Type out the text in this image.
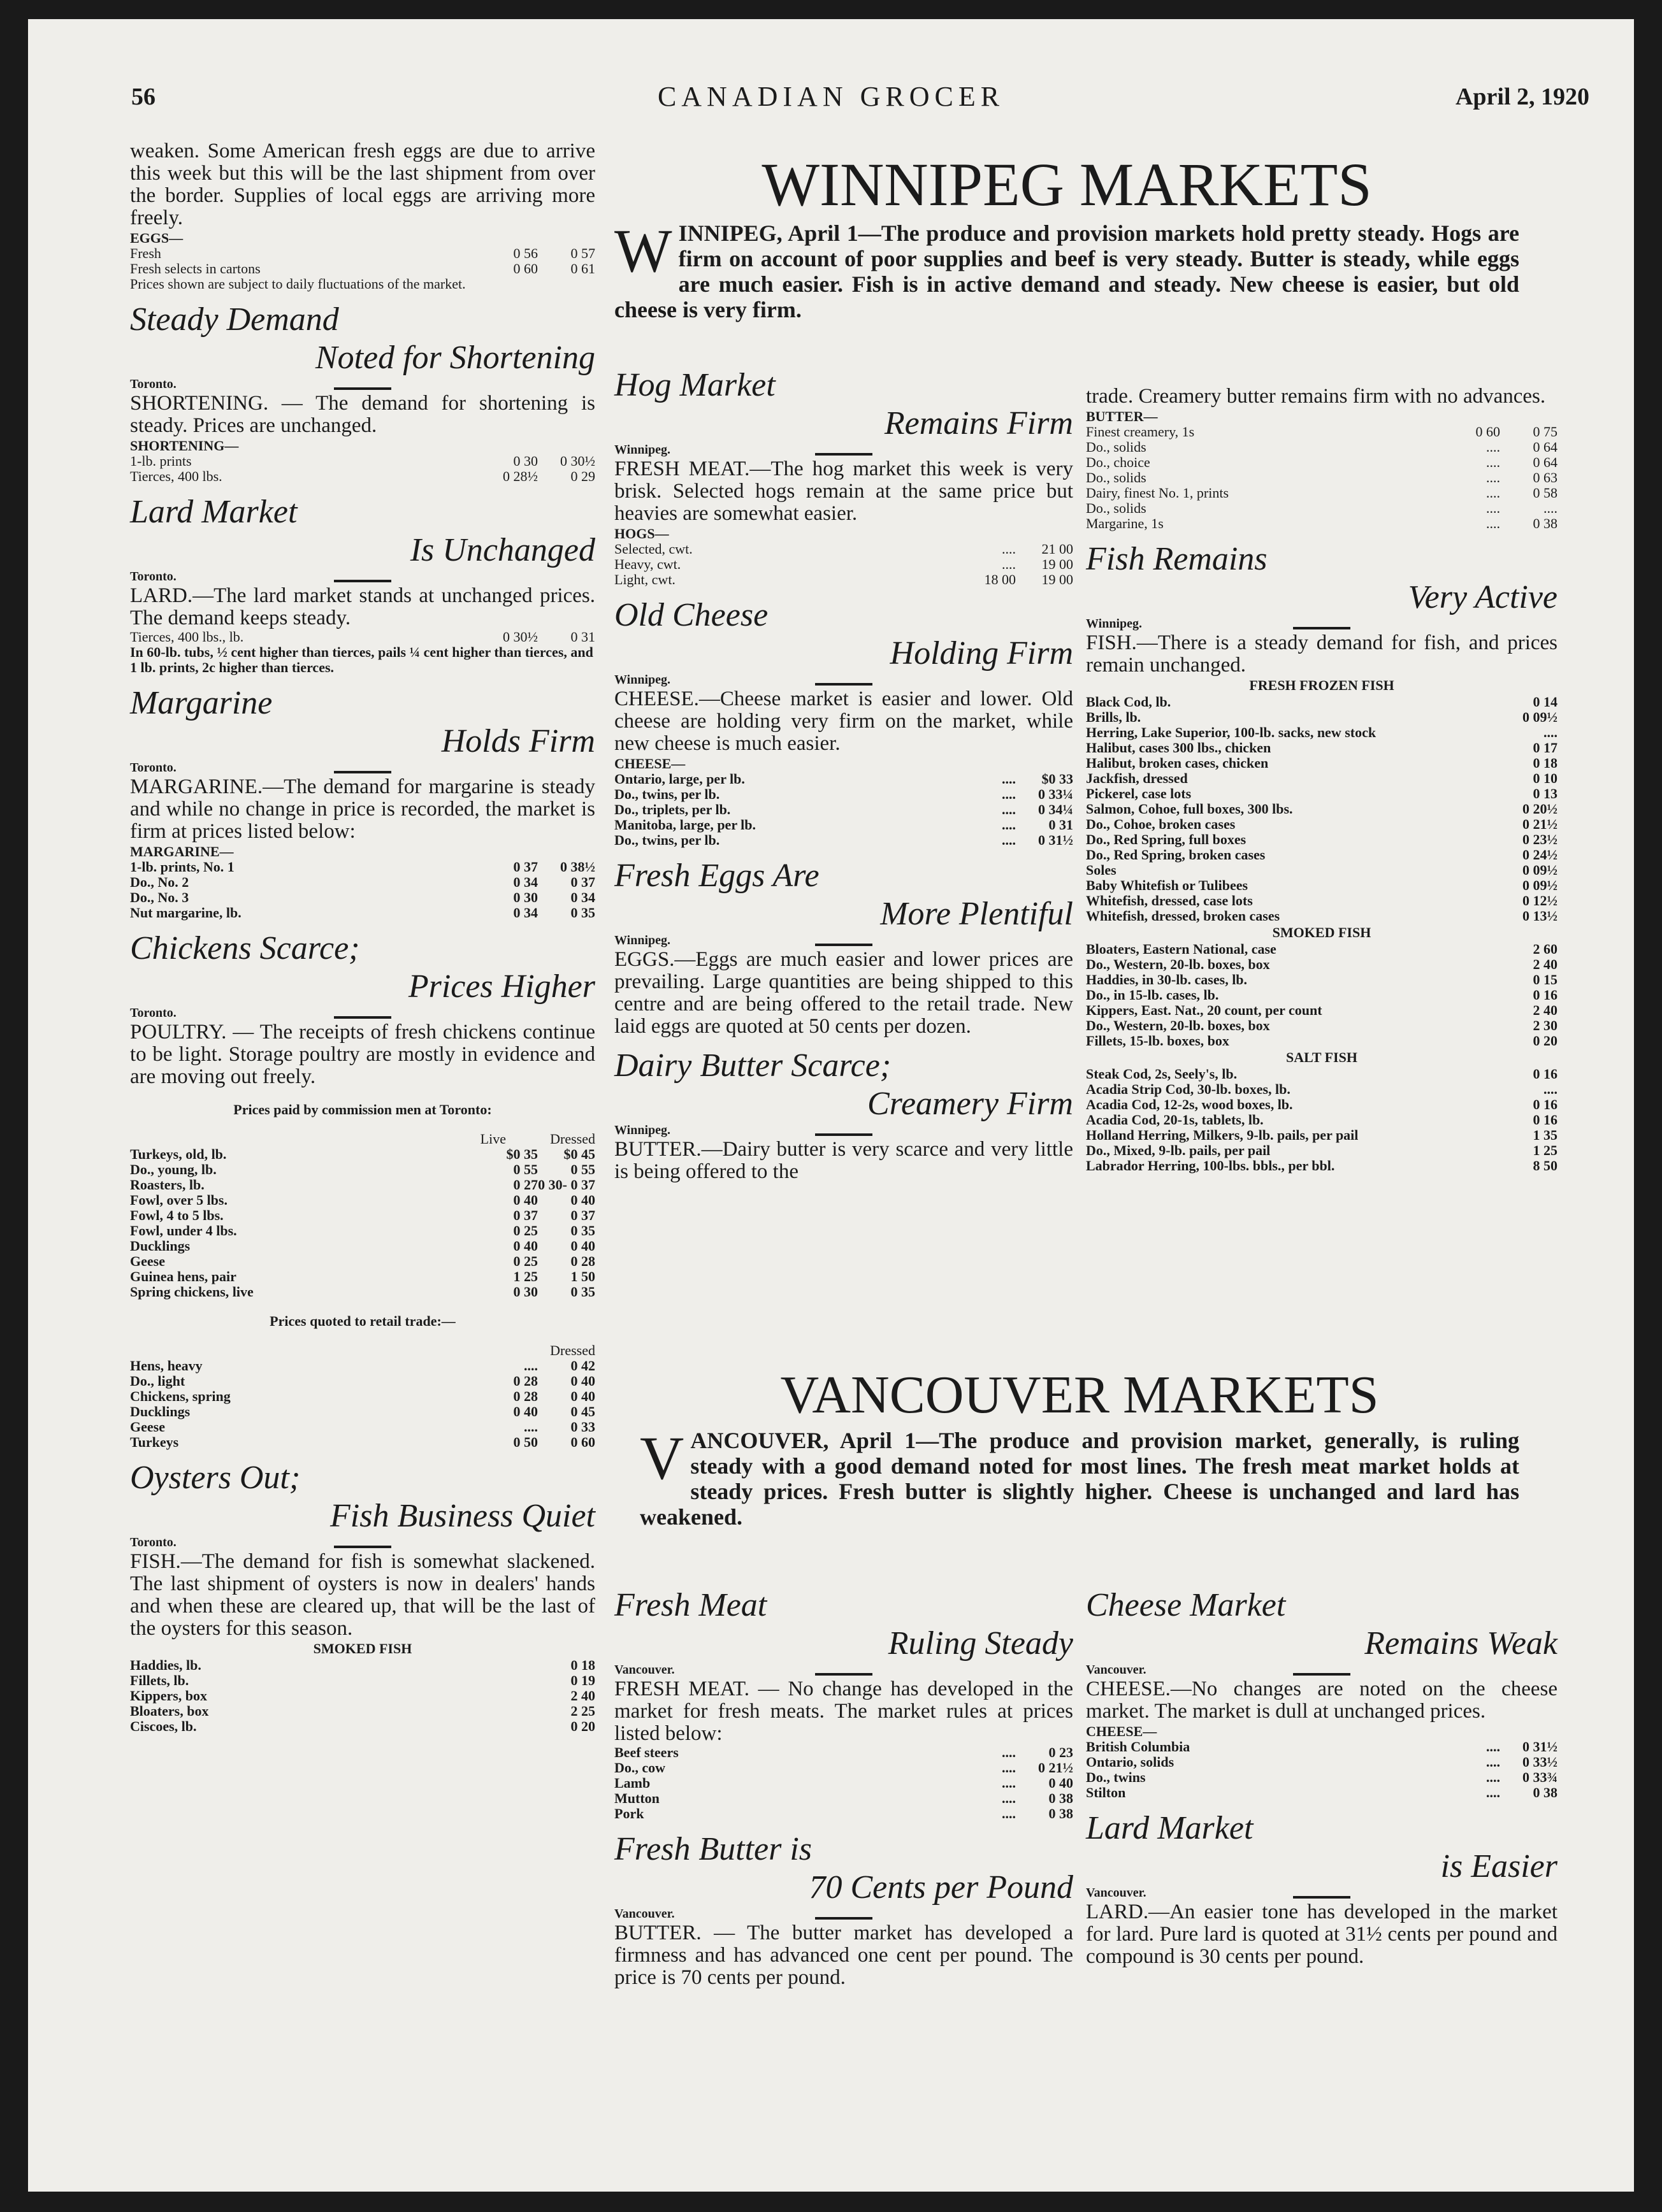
56	CANADIAN GROCER	April 2, 1920

weaken. Some American fresh eggs are due to arrive this week but this will be the last shipment from over the border. Supplies of local eggs are arriving more freely.

EGGS—

Fresh	0 56	0 57
Fresh selects in cartons	0 60	0 61

Prices shown are subject to daily fluctuations of the market.

Steady Demand

Noted for Shortening

Toronto.

SHORTENING. — The demand for shortening is steady. Prices are unchanged.

SHORTENING—

1-lb. prints	0 30	0 30½
Tierces, 400 lbs.	0 28½	0 29

Lard Market

Is Unchanged

Toronto.

LARD.—The lard market stands at unchanged prices. The demand keeps steady.

Tierces, 400 lbs., lb.	0 30½	0 31

In 60-lb. tubs, ½ cent higher than tierces, pails ¼ cent higher than tierces, and 1 lb. prints, 2c higher than tierces.

Margarine

Holds Firm

Toronto.

MARGARINE.—The demand for margarine is steady and while no change in price is recorded, the market is firm at prices listed below:

MARGARINE—

1-lb. prints, No. 1	0 37	0 38½
Do., No. 2	0 34	0 37
Do., No. 3	0 30	0 34
Nut margarine, lb.	0 34	0 35

Chickens Scarce;

Prices Higher

Toronto.

POULTRY. — The receipts of fresh chickens continue to be light. Storage poultry are mostly in evidence and are moving out freely.

Prices paid by commission men at Toronto:

	Live	Dressed
Turkeys, old, lb.	$0 35	$0 45
Do., young, lb.	0 55	0 55
Roasters, lb.	0 27	0 30- 0 37
Fowl, over 5 lbs.	0 40	0 40
Fowl, 4 to 5 lbs.	0 37	0 37
Fowl, under 4 lbs.	0 25	0 35
Ducklings	0 40	0 40
Geese	0 25	0 28
Guinea hens, pair	1 25	1 50
Spring chickens, live	0 30	0 35

Prices quoted to retail trade:—

	Dressed
Hens, heavy	....	0 42
Do., light	0 28	0 40
Chickens, spring	0 28	0 40
Ducklings	0 40	0 45
Geese	....	0 33
Turkeys	0 50	0 60

Oysters Out;

Fish Business Quiet

Toronto.

FISH.—The demand for fish is somewhat slackened. The last shipment of oysters is now in dealers' hands and when these are cleared up, that will be the last of the oysters for this season.

SMOKED FISH

Haddies, lb.	0 18
Fillets, lb.	0 19
Kippers, box	2 40
Bloaters, box	2 25
Ciscoes, lb.	0 20

WINNIPEG MARKETS

WINNIPEG, April 1—The produce and provision markets hold pretty steady. Hogs are firm on account of poor supplies and beef is very steady. Butter is steady, while eggs are much easier. Fish is in active demand and steady. New cheese is easier, but old cheese is very firm.

Hog Market

Remains Firm

Winnipeg.

FRESH MEAT.—The hog market this week is very brisk. Selected hogs remain at the same price but heavies are somewhat easier.

HOGS—

Selected, cwt.	....	21 00
Heavy, cwt.	....	19 00
Light, cwt.	18 00	19 00

Old Cheese

Holding Firm

Winnipeg.

CHEESE.—Cheese market is easier and lower. Old cheese are holding very firm on the market, while new cheese is much easier.

CHEESE—

Ontario, large, per lb.	....	$0 33
Do., twins, per lb.	....	0 33¼
Do., triplets, per lb.	....	0 34¼
Manitoba, large, per lb.	....	0 31
Do., twins, per lb.	....	0 31½

Fresh Eggs Are

More Plentiful

Winnipeg.

EGGS.—Eggs are much easier and lower prices are prevailing. Large quantities are being shipped to this centre and are being offered to the retail trade. New laid eggs are quoted at 50 cents per dozen.

Dairy Butter Scarce;

Creamery Firm

Winnipeg.

BUTTER.—Dairy butter is very scarce and very little is being offered to the

trade. Creamery butter remains firm with no advances.

BUTTER—

Finest creamery, 1s	0 60	0 75
Do., solids	....	0 64
Do., choice	....	0 64
Do., solids	....	0 63
Dairy, finest No. 1, prints	....	0 58
Do., solids	....	....
Margarine, 1s	....	0 38

Fish Remains

Very Active

Winnipeg.

FISH.—There is a steady demand for fish, and prices remain unchanged.

FRESH FROZEN FISH

Black Cod, lb.	0 14
Brills, lb.	0 09½
Herring, Lake Superior, 100-lb. sacks, new stock	....
Halibut, cases 300 lbs., chicken	0 17
Halibut, broken cases, chicken	0 18
Jackfish, dressed	0 10
Pickerel, case lots	0 13
Salmon, Cohoe, full boxes, 300 lbs.	0 20½
Do., Cohoe, broken cases	0 21½
Do., Red Spring, full boxes	0 23½
Do., Red Spring, broken cases	0 24½
Soles	0 09½
Baby Whitefish or Tulibees	0 09½
Whitefish, dressed, case lots	0 12½
Whitefish, dressed, broken cases	0 13½

SMOKED FISH

Bloaters, Eastern National, case	2 60
Do., Western, 20-lb. boxes, box	2 40
Haddies, in 30-lb. cases, lb.	0 15
Do., in 15-lb. cases, lb.	0 16
Kippers, East. Nat., 20 count, per count	2 40
Do., Western, 20-lb. boxes, box	2 30
Fillets, 15-lb. boxes, box	0 20

SALT FISH

Steak Cod, 2s, Seely's, lb.	0 16
Acadia Strip Cod, 30-lb. boxes, lb.	....
Acadia Cod, 12-2s, wood boxes, lb.	0 16
Acadia Cod, 20-1s, tablets, lb.	0 16
Holland Herring, Milkers, 9-lb. pails, per pail	1 35
Do., Mixed, 9-lb. pails, per pail	1 25
Labrador Herring, 100-lbs. bbls., per bbl.	8 50

VANCOUVER MARKETS

VANCOUVER, April 1—The produce and provision market, generally, is ruling steady with a good demand noted for most lines. The fresh meat market holds at steady prices. Fresh butter is slightly higher. Cheese is unchanged and lard has weakened.

Fresh Meat

Ruling Steady

Vancouver.

FRESH MEAT. — No change has developed in the market for fresh meats. The market rules at prices listed below:

Beef steers	....	0 23
Do., cow	....	0 21½
Lamb	....	0 40
Mutton	....	0 38
Pork	....	0 38

Fresh Butter is

70 Cents per Pound

Vancouver.

BUTTER. — The butter market has developed a firmness and has advanced one cent per pound. The price is 70 cents per pound.

Cheese Market

Remains Weak

Vancouver.

CHEESE.—No changes are noted on the cheese market. The market is dull at unchanged prices.

CHEESE—

British Columbia	....	0 31½
Ontario, solids	....	0 33½
Do., twins	....	0 33¾
Stilton	....	0 38

Lard Market

is Easier

Vancouver.

LARD.—An easier tone has developed in the market for lard. Pure lard is quoted at 31½ cents per pound and compound is 30 cents per pound.
